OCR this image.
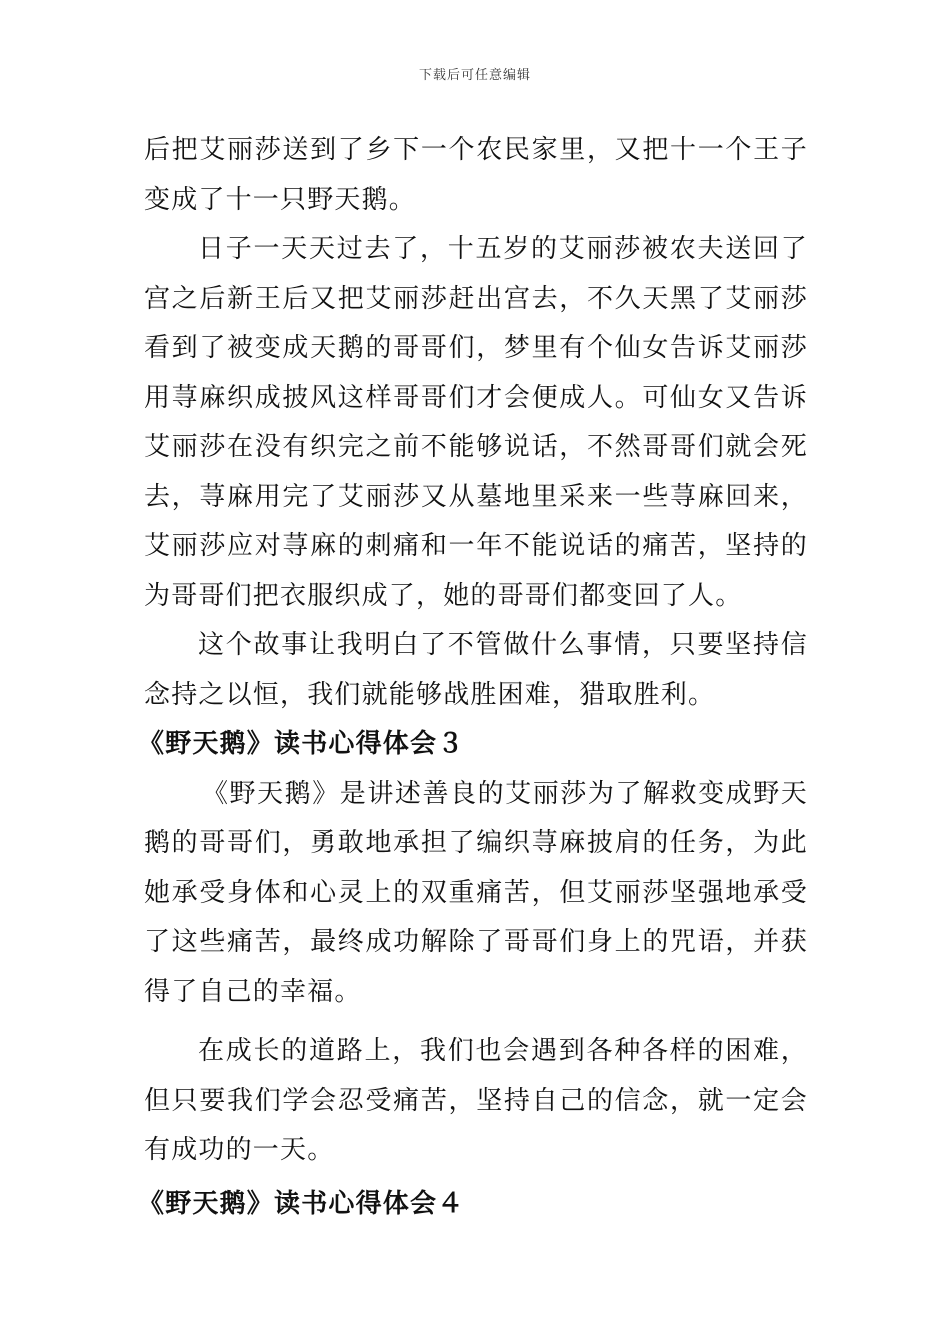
下载后可任意编辑

后把艾丽莎送到了乡下一个农民家里，又把十一个王子变成了十一只野天鹅。

日子一天天过去了，十五岁的艾丽莎被农夫送回了宫之后新王后又把艾丽莎赶出宫去，不久天黑了艾丽莎看到了被变成天鹅的哥哥们，梦里有个仙女告诉艾丽莎用荨麻织成披风这样哥哥们才会便成人。可仙女又告诉艾丽莎在没有织完之前不能够说话，不然哥哥们就会死去，荨麻用完了艾丽莎又从墓地里采来一些荨麻回来，艾丽莎应对荨麻的刺痛和一年不能说话的痛苦，坚持的为哥哥们把衣服织成了，她的哥哥们都变回了人。

这个故事让我明白了不管做什么事情，只要坚持信念持之以恒，我们就能够战胜困难，猎取胜利。

《野天鹅》读书心得体会３

《野天鹅》是讲述善良的艾丽莎为了解救变成野天鹅的哥哥们，勇敢地承担了编织荨麻披肩的任务，为此她承受身体和心灵上的双重痛苦，但艾丽莎坚强地承受了这些痛苦，最终成功解除了哥哥们身上的咒语，并获得了自己的幸福。

在成长的道路上，我们也会遇到各种各样的困难，但只要我们学会忍受痛苦，坚持自己的信念，就一定会有成功的一天。

《野天鹅》读书心得体会４
